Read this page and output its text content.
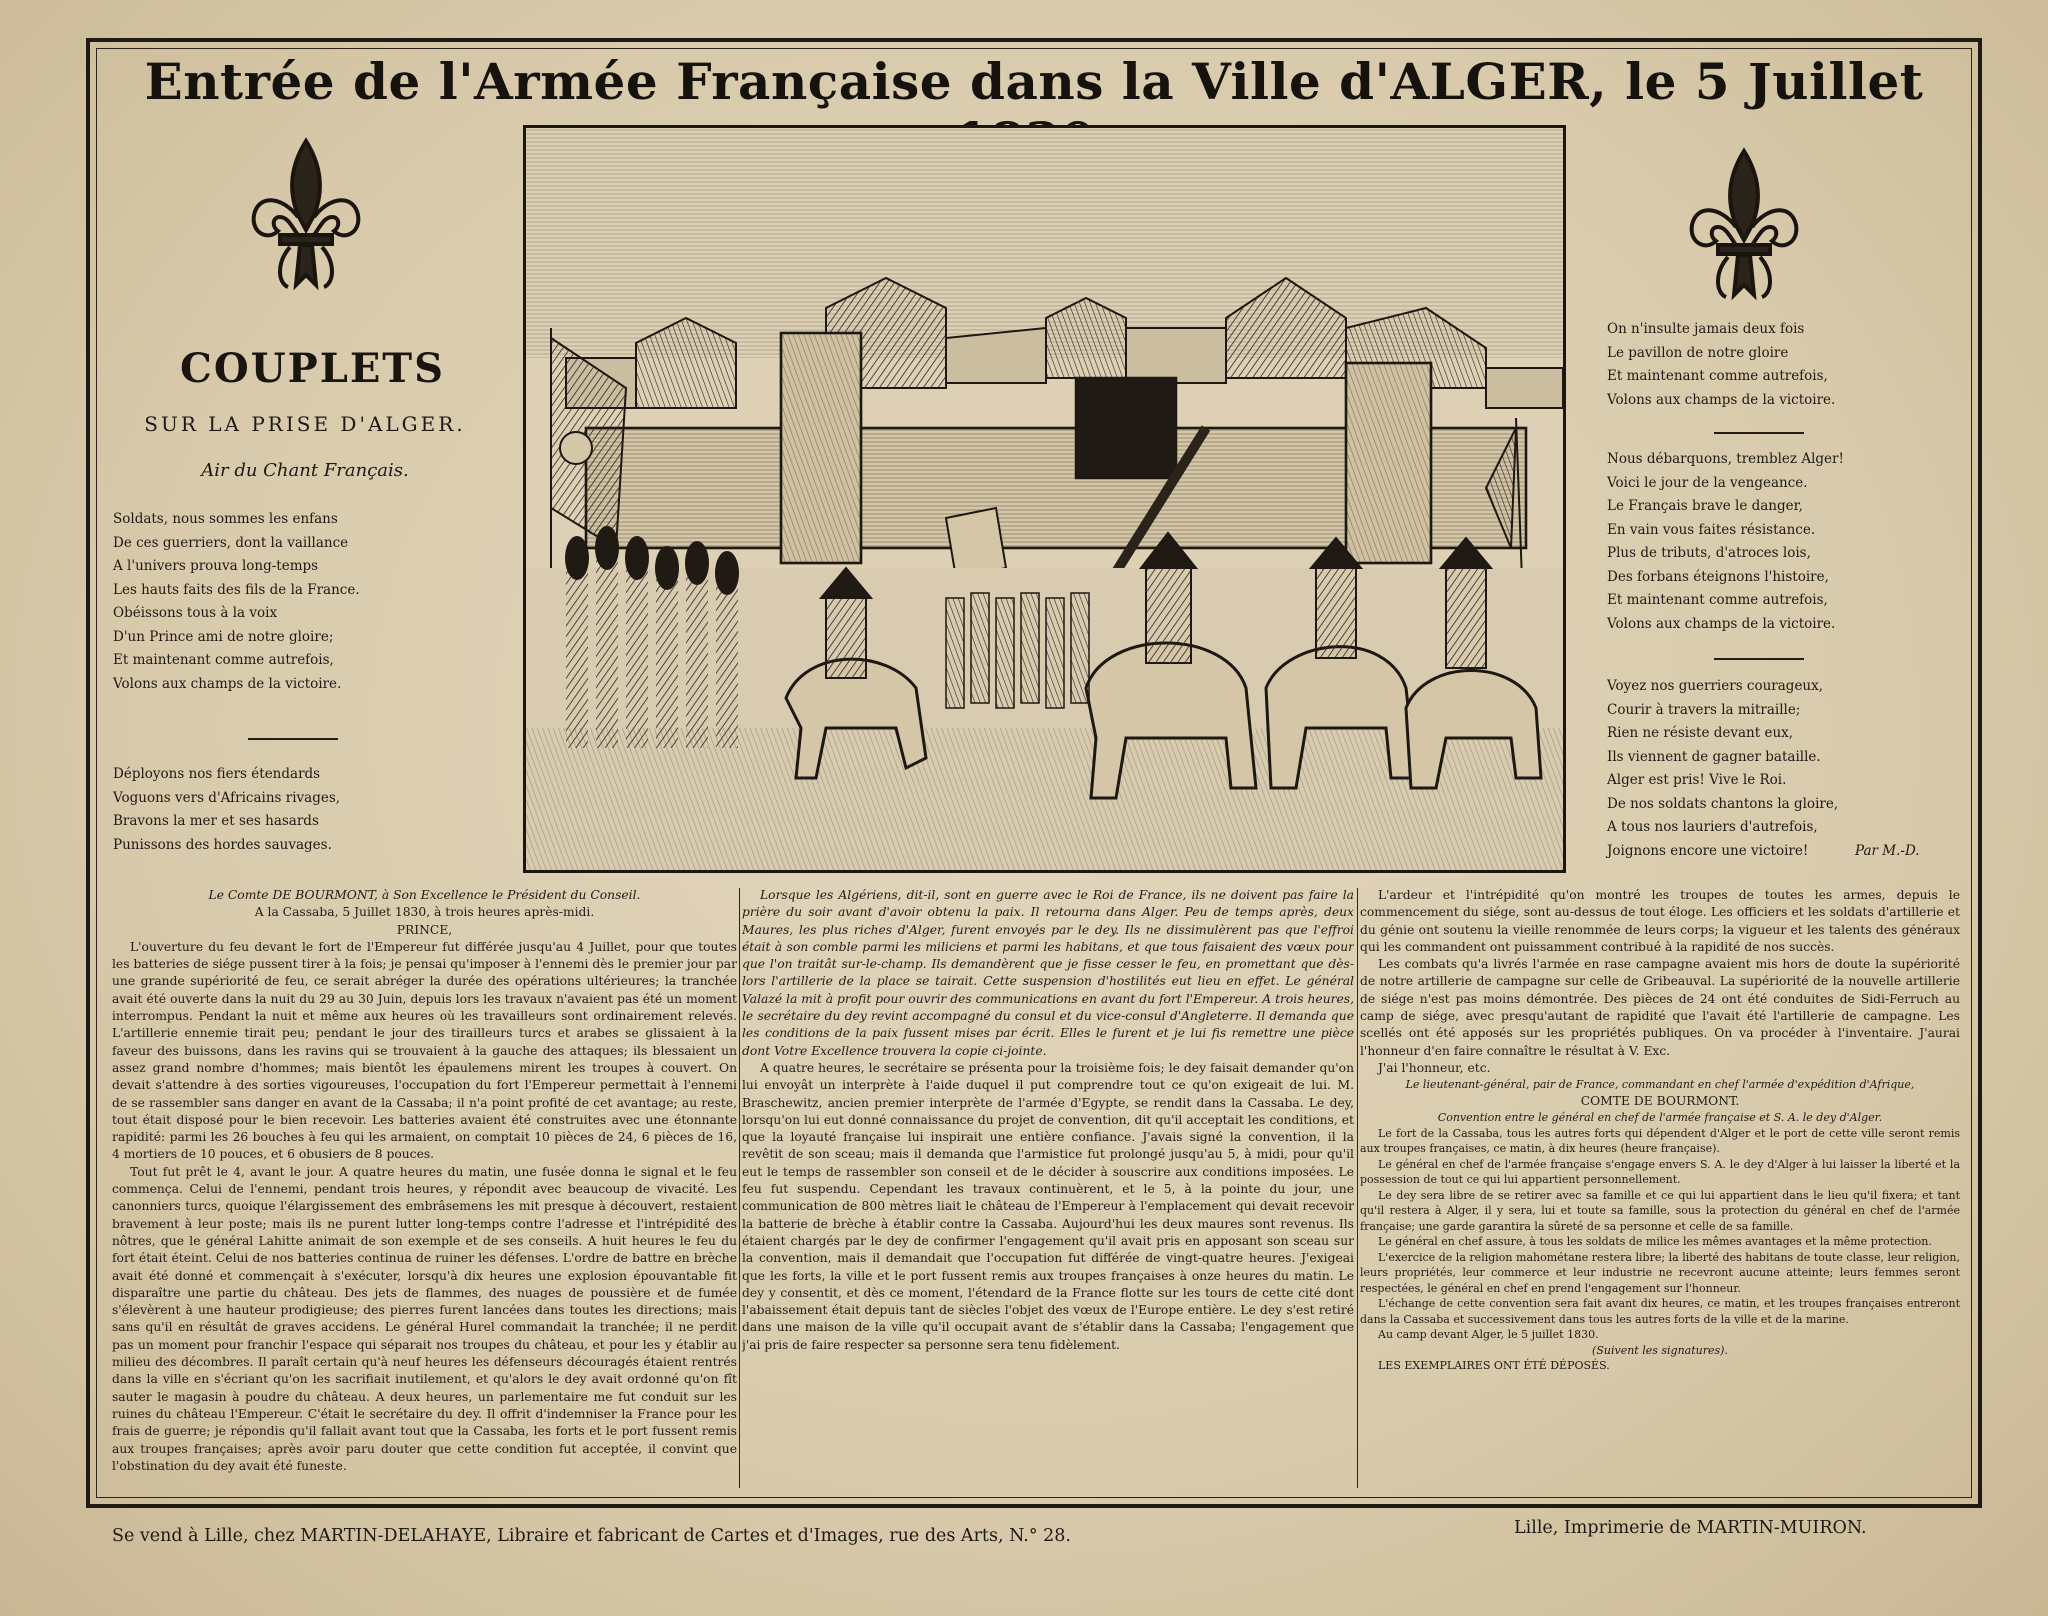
Entrée de l'Armée Française dans la Ville d'ALGER, le 5 Juillet
COUPLETS
SUR LA PRISE D'ALGER.
Air du Chant Français.
Soldats, nous sommes les enfans
De ces guerriers, dont la vaillance
A l'univers prouva long-temps
Les hauts faits des fils de la France.
Obéissons tous à la voix
D'un Prince ami de notre gloire;
Et maintenant comme autrefois,
Volons aux champs de la victoire.
Déployons nos fiers étendards
Voguons vers d'Africains rivages,
Bravons la mer et ses hasards
Punissons des hordes sauvages.
On n'insulte jamais deux fois
Le pavillon de notre gloire
Et maintenant comme autrefois,
Volons aux champs de la victoire.
Nous débarquons, tremblez Alger!
Voici le jour de la vengeance.
Le Français brave le danger,
En vain vous faites résistance.
Plus de tributs, d'atroces lois,
Des forbans éteignons l'histoire,
Et maintenant comme autrefois,
Volons aux champs de la victoire.
Voyez nos guerriers courageux,
Courir à travers la mitraille;
Rien ne résiste devant eux,
Ils viennent de gagner bataille.
Alger est pris! Vive le Roi.
De nos soldats chantons la gloire,
A tous nos lauriers d'autrefois,
Joignons encore une victoire!	Par M.-D.

Le Comte DE BOURMONT, à Son Excellence le Président du Conseil.

A la Cassaba, 5 Juillet 1830, à trois heures après-midi.

PRINCE,

L'ouverture du feu devant le fort de l'Empereur fut différée jusqu'au 4 Juillet, pour que toutes les batteries de siége pussent tirer à la fois; je pensai qu'imposer à l'ennemi dès le premier jour par une grande supériorité de feu, ce serait abréger la durée des opérations ultérieures; la tranchée avait été ouverte dans la nuit du 29 au 30 Juin, depuis lors les travaux n'avaient pas été un moment interrompus. Pendant la nuit et même aux heures où les travailleurs sont ordinairement relevés. L'artillerie ennemie tirait peu; pendant le jour des tirailleurs turcs et arabes se glissaient à la faveur des buissons, dans les ravins qui se trouvaient à la gauche des attaques; ils blessaient un assez grand nombre d'hommes; mais bientôt les épaulemens mirent les troupes à couvert. On devait s'attendre à des sorties vigoureuses, l'occupation du fort l'Empereur permettait à l'ennemi de se rassembler sans danger en avant de la Cassaba; il n'a point profité de cet avantage; au reste, tout était disposé pour le bien recevoir. Les batteries avaient été construites avec une étonnante rapidité: parmi les 26 bouches à feu qui les armaient, on comptait 10 pièces de 24, 6 pièces de 16, 4 mortiers de 10 pouces, et 6 obusiers de 8 pouces.

Tout fut prêt le 4, avant le jour. A quatre heures du matin, une fusée donna le signal et le feu commença. Celui de l'ennemi, pendant trois heures, y répondit avec beaucoup de vivacité. Les canonniers turcs, quoique l'élargissement des embrâsemens les mit presque à découvert, restaient bravement à leur poste; mais ils ne purent lutter long-temps contre l'adresse et l'intrépidité des nôtres, que le général Lahitte animait de son exemple et de ses conseils. A huit heures le feu du fort était éteint. Celui de nos batteries continua de ruiner les défenses. L'ordre de battre en brèche avait été donné et commençait à s'exécuter, lorsqu'à dix heures une explosion épouvantable fit disparaître une partie du château. Des jets de flammes, des nuages de poussière et de fumée s'élevèrent à une hauteur prodigieuse; des pierres furent lancées dans toutes les directions; mais sans qu'il en résultât de graves accidens. Le général Hurel commandait la tranchée; il ne perdit pas un moment pour franchir l'espace qui séparait nos troupes du château, et pour les y établir au milieu des décombres. Il paraît certain qu'à neuf heures les défenseurs découragés étaient rentrés dans la ville en s'écriant qu'on les sacrifiait inutilement, et qu'alors le dey avait ordonné qu'on fît sauter le magasin à poudre du château. A deux heures, un parlementaire me fut conduit sur les ruines du château l'Empereur. C'était le secrétaire du dey. Il offrit d'indemniser la France pour les frais de guerre; je répondis qu'il fallait avant tout que la Cassaba, les forts et le port fussent remis aux troupes françaises; après avoir paru douter que cette condition fut acceptée, il convint que l'obstination du dey avait été funeste.

Lorsque les Algériens, dit-il, sont en guerre avec le Roi de France, ils ne doivent pas faire la prière du soir avant d'avoir obtenu la paix. Il retourna dans Alger. Peu de temps après, deux Maures, les plus riches d'Alger, furent envoyés par le dey. Ils ne dissimulèrent pas que l'effroi était à son comble parmi les miliciens et parmi les habitans, et que tous faisaient des vœux pour que l'on traitât sur-le-champ. Ils demandèrent que je fisse cesser le feu, en promettant que dès-lors l'artillerie de la place se tairait. Cette suspension d'hostilités eut lieu en effet. Le général Valazé la mit à profit pour ouvrir des communications en avant du fort l'Empereur. A trois heures, le secrétaire du dey revint accompagné du consul et du vice-consul d'Angleterre. Il demanda que les conditions de la paix fussent mises par écrit. Elles le furent et je lui fis remettre une pièce dont Votre Excellence trouvera la copie ci-jointe.

A quatre heures, le secrétaire se présenta pour la troisième fois; le dey faisait demander qu'on lui envoyât un interprète à l'aide duquel il put comprendre tout ce qu'on exigeait de lui. M. Braschewitz, ancien premier interprète de l'armée d'Egypte, se rendit dans la Cassaba. Le dey, lorsqu'on lui eut donné connaissance du projet de convention, dit qu'il acceptait les conditions, et que la loyauté française lui inspirait une entière confiance. J'avais signé la convention, il la revêtit de son sceau; mais il demanda que l'armistice fut prolongé jusqu'au 5, à midi, pour qu'il eut le temps de rassembler son conseil et de le décider à souscrire aux conditions imposées. Le feu fut suspendu. Cependant les travaux continuèrent, et le 5, à la pointe du jour, une communication de 800 mètres liait le château de l'Empereur à l'emplacement qui devait recevoir la batterie de brèche à établir contre la Cassaba. Aujourd'hui les deux maures sont revenus. Ils étaient chargés par le dey de confirmer l'engagement qu'il avait pris en apposant son sceau sur la convention, mais il demandait que l'occupation fut différée de vingt-quatre heures. J'exigeai que les forts, la ville et le port fussent remis aux troupes françaises à onze heures du matin. Le dey y consentit, et dès ce moment, l'étendard de la France flotte sur les tours de cette cité dont l'abaissement était depuis tant de siècles l'objet des vœux de l'Europe entière. Le dey s'est retiré dans une maison de la ville qu'il occupait avant de s'établir dans la Cassaba; l'engagement que j'ai pris de faire respecter sa personne sera tenu fidèlement.

L'ardeur et l'intrépidité qu'on montré les troupes de toutes les armes, depuis le commencement du siége, sont au-dessus de tout éloge. Les officiers et les soldats d'artillerie et du génie ont soutenu la vieille renommée de leurs corps; la vigueur et les talents des généraux qui les commandent ont puissamment contribué à la rapidité de nos succès.

Les combats qu'a livrés l'armée en rase campagne avaient mis hors de doute la supériorité de notre artillerie de campagne sur celle de Gribeauval. La supériorité de la nouvelle artillerie de siége n'est pas moins démontrée. Des pièces de 24 ont été conduites de Sidi-Ferruch au camp de siége, avec presqu'autant de rapidité que l'avait été l'artillerie de campagne. Les scellés ont été apposés sur les propriétés publiques. On va procéder à l'inventaire. J'aurai l'honneur d'en faire connaître le résultat à V. Exc.

J'ai l'honneur, etc.

Le lieutenant-général, pair de France, commandant en chef l'armée d'expédition d'Afrique,

COMTE DE BOURMONT.

Convention entre le général en chef de l'armée française et S. A. le dey d'Alger.

Le fort de la Cassaba, tous les autres forts qui dépendent d'Alger et le port de cette ville seront remis aux troupes françaises, ce matin, à dix heures (heure française).

Le général en chef de l'armée française s'engage envers S. A. le dey d'Alger à lui laisser la liberté et la possession de tout ce qui lui appartient personnellement.

Le dey sera libre de se retirer avec sa famille et ce qui lui appartient dans le lieu qu'il fixera; et tant qu'il restera à Alger, il y sera, lui et toute sa famille, sous la protection du général en chef de l'armée française; une garde garantira la sûreté de sa personne et celle de sa famille.

Le général en chef assure, à tous les soldats de milice les mêmes avantages et la même protection.

L'exercice de la religion mahométane restera libre; la liberté des habitans de toute classe, leur religion, leurs propriétés, leur commerce et leur industrie ne recevront aucune atteinte; leurs femmes seront respectées, le général en chef en prend l'engagement sur l'honneur.

L'échange de cette convention sera fait avant dix heures, ce matin, et les troupes françaises entreront dans la Cassaba et successivement dans tous les autres forts de la ville et de la marine.

Au camp devant Alger, le 5 juillet 1830.

(Suivent les signatures).

LES EXEMPLAIRES ONT ÉTÉ DÉPOSÉS.

Se vend à Lille, chez MARTIN-DELAHAYE, Libraire et fabricant de Cartes et d'Images, rue des Arts, N.° 28.	Lille, Imprimerie de MARTIN-MUIRON.
